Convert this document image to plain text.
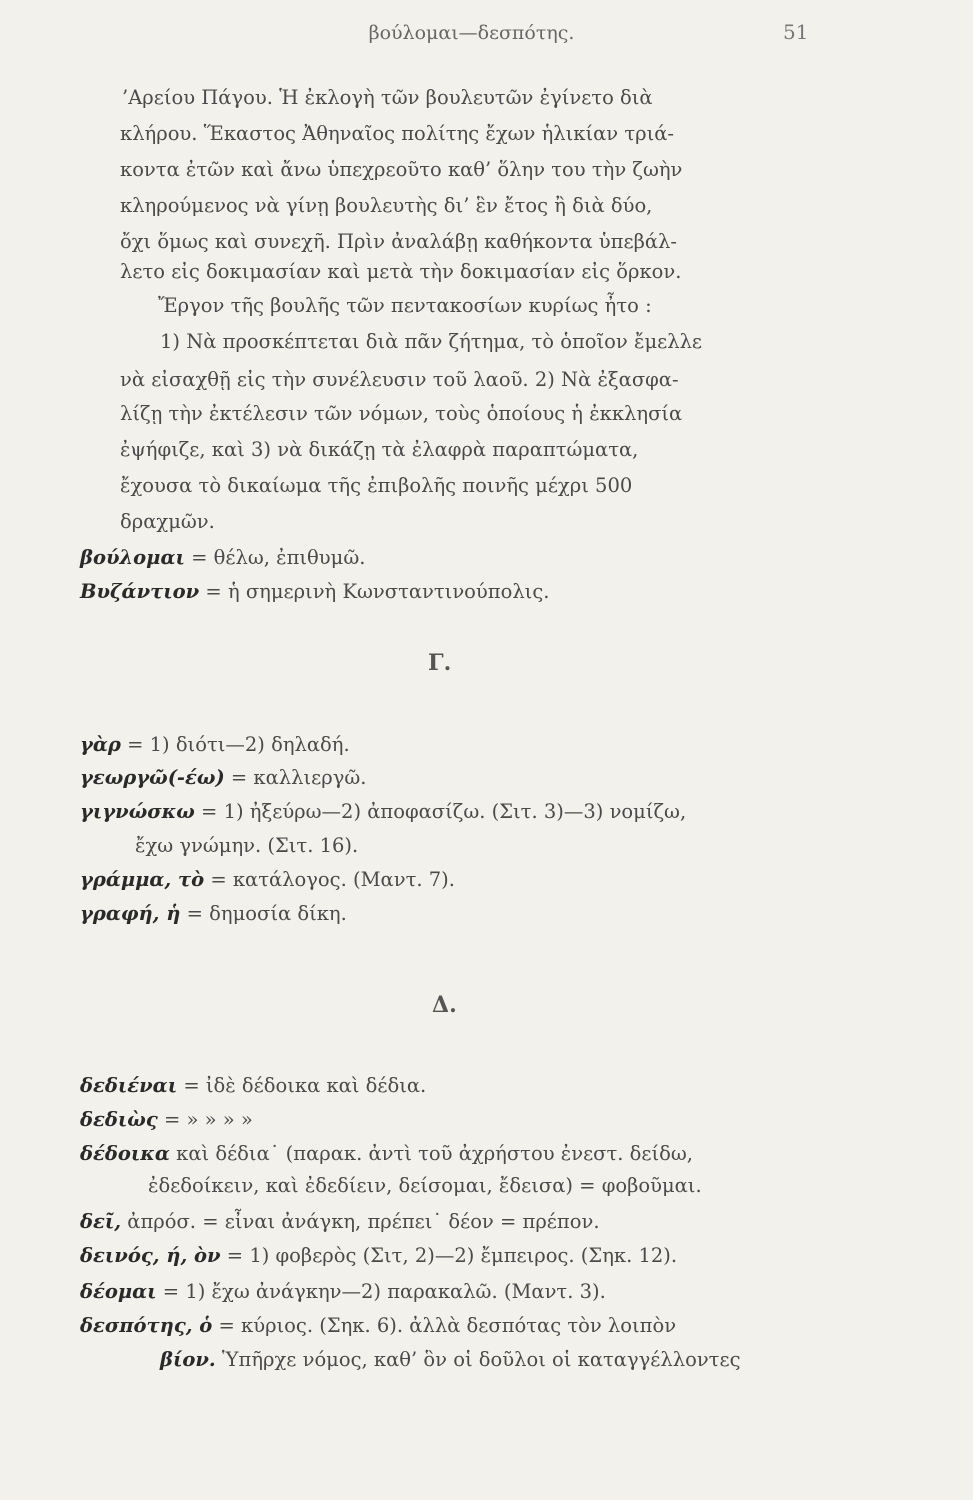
βούλομαι—δεσπότης.	51
’Αρείου Πάγου. Ἡ ἐκλογὴ τῶν βουλευτῶν ἐγίνετο διὰ
κλήρου. Ἕκαστος Ἀθηναῖος πολίτης ἔχων ἡλικίαν τριά-
κοντα ἐτῶν καὶ ἄνω ὑπεχρεοῦτο καθ’ ὅλην του τὴν ζωὴν
κληρούμενος νὰ γίνῃ βουλευτὴς δι’ ἓν ἔτος ἢ διὰ δύο,
ὄχι ὅμως καὶ συνεχῆ. Πρὶν ἀναλάβῃ καθήκοντα ὑπεβάλ-
λετο εἰς δοκιμασίαν καὶ μετὰ τὴν δοκιμασίαν εἰς ὅρκον.
Ἔργον τῆς βουλῆς τῶν πεντακοσίων κυρίως ἦτο :
1) Νὰ προσκέπτεται διὰ πᾶν ζήτημα, τὸ ὁποῖον ἔμελλε
νὰ εἰσαχθῇ εἰς τὴν συνέλευσιν τοῦ λαοῦ. 2) Νὰ ἐξασφα-
λίζῃ τὴν ἐκτέλεσιν τῶν νόμων, τοὺς ὁποίους ἡ ἐκκλησία
ἐψήφιζε, καὶ 3) νὰ δικάζῃ τὰ ἐλαφρὰ παραπτώματα,
ἔχουσα τὸ δικαίωμα τῆς ἐπιβολῆς ποινῆς μέχρι 500
δραχμῶν.
βούλομαι = θέλω, ἐπιθυμῶ.
Βυζάντιον = ἡ σημερινὴ Κωνσταντινούπολις.
Γ.
γὰρ = 1) διότι—2) δηλαδή.
γεωργῶ(-έω) = καλλιεργῶ.
γιγνώσκω = 1) ἠξεύρω—2) ἀποφασίζω. (Σιτ. 3)—3) νομίζω,
ἔχω γνώμην. (Σιτ. 16).
γράμμα, τὸ = κατάλογος. (Μαντ. 7).
γραφή, ἡ = δημοσία δίκη.
Δ.
δεδιέναι = ἰδὲ δέδοικα καὶ δέδια.
δεδιὼς = » » » »
δέδοικα καὶ δέδια˙ (παρακ. ἀντὶ τοῦ ἀχρήστου ἐνεστ. δείδω,
ἐδεδοίκειν, καὶ ἐδεδίειν, δείσομαι, ἔδεισα) = φοβοῦμαι.
δεῖ, ἀπρόσ. = εἶναι ἀνάγκη, πρέπει˙ δέον = πρέπον.
δεινός, ή, ὸν = 1) φοβερὸς (Σιτ, 2)—2) ἔμπειρος. (Σηκ. 12).
δέομαι = 1) ἔχω ἀνάγκην—2) παρακαλῶ. (Μαντ. 3).
δεσπότης, ὁ = κύριος. (Σηκ. 6). ἀλλὰ δεσπότας τὸν λοιπὸν
βίον. Ὑπῆρχε νόμος, καθ’ ὃν οἱ δοῦλοι οἱ καταγγέλλοντες
